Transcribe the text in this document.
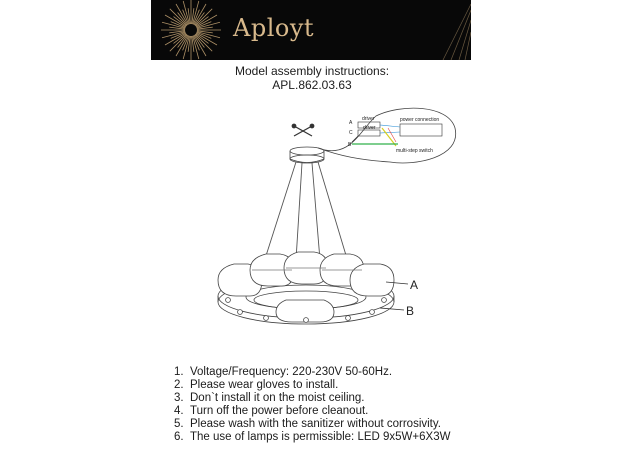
Aployt
Model assembly instructions:
APL.862.03.63
driver
driver
power connection
multi-step switch
A
C
B
A
B
1. Voltage/Frequency: 220-230V 50-60Hz.
2. Please wear gloves to install.
3. Don`t install it on the moist ceiling.
4. Turn off the power before cleanout.
5. Please wash with the sanitizer without corrosivity.
6. The use of lamps is permissible: LED 9x5W+6X3W
